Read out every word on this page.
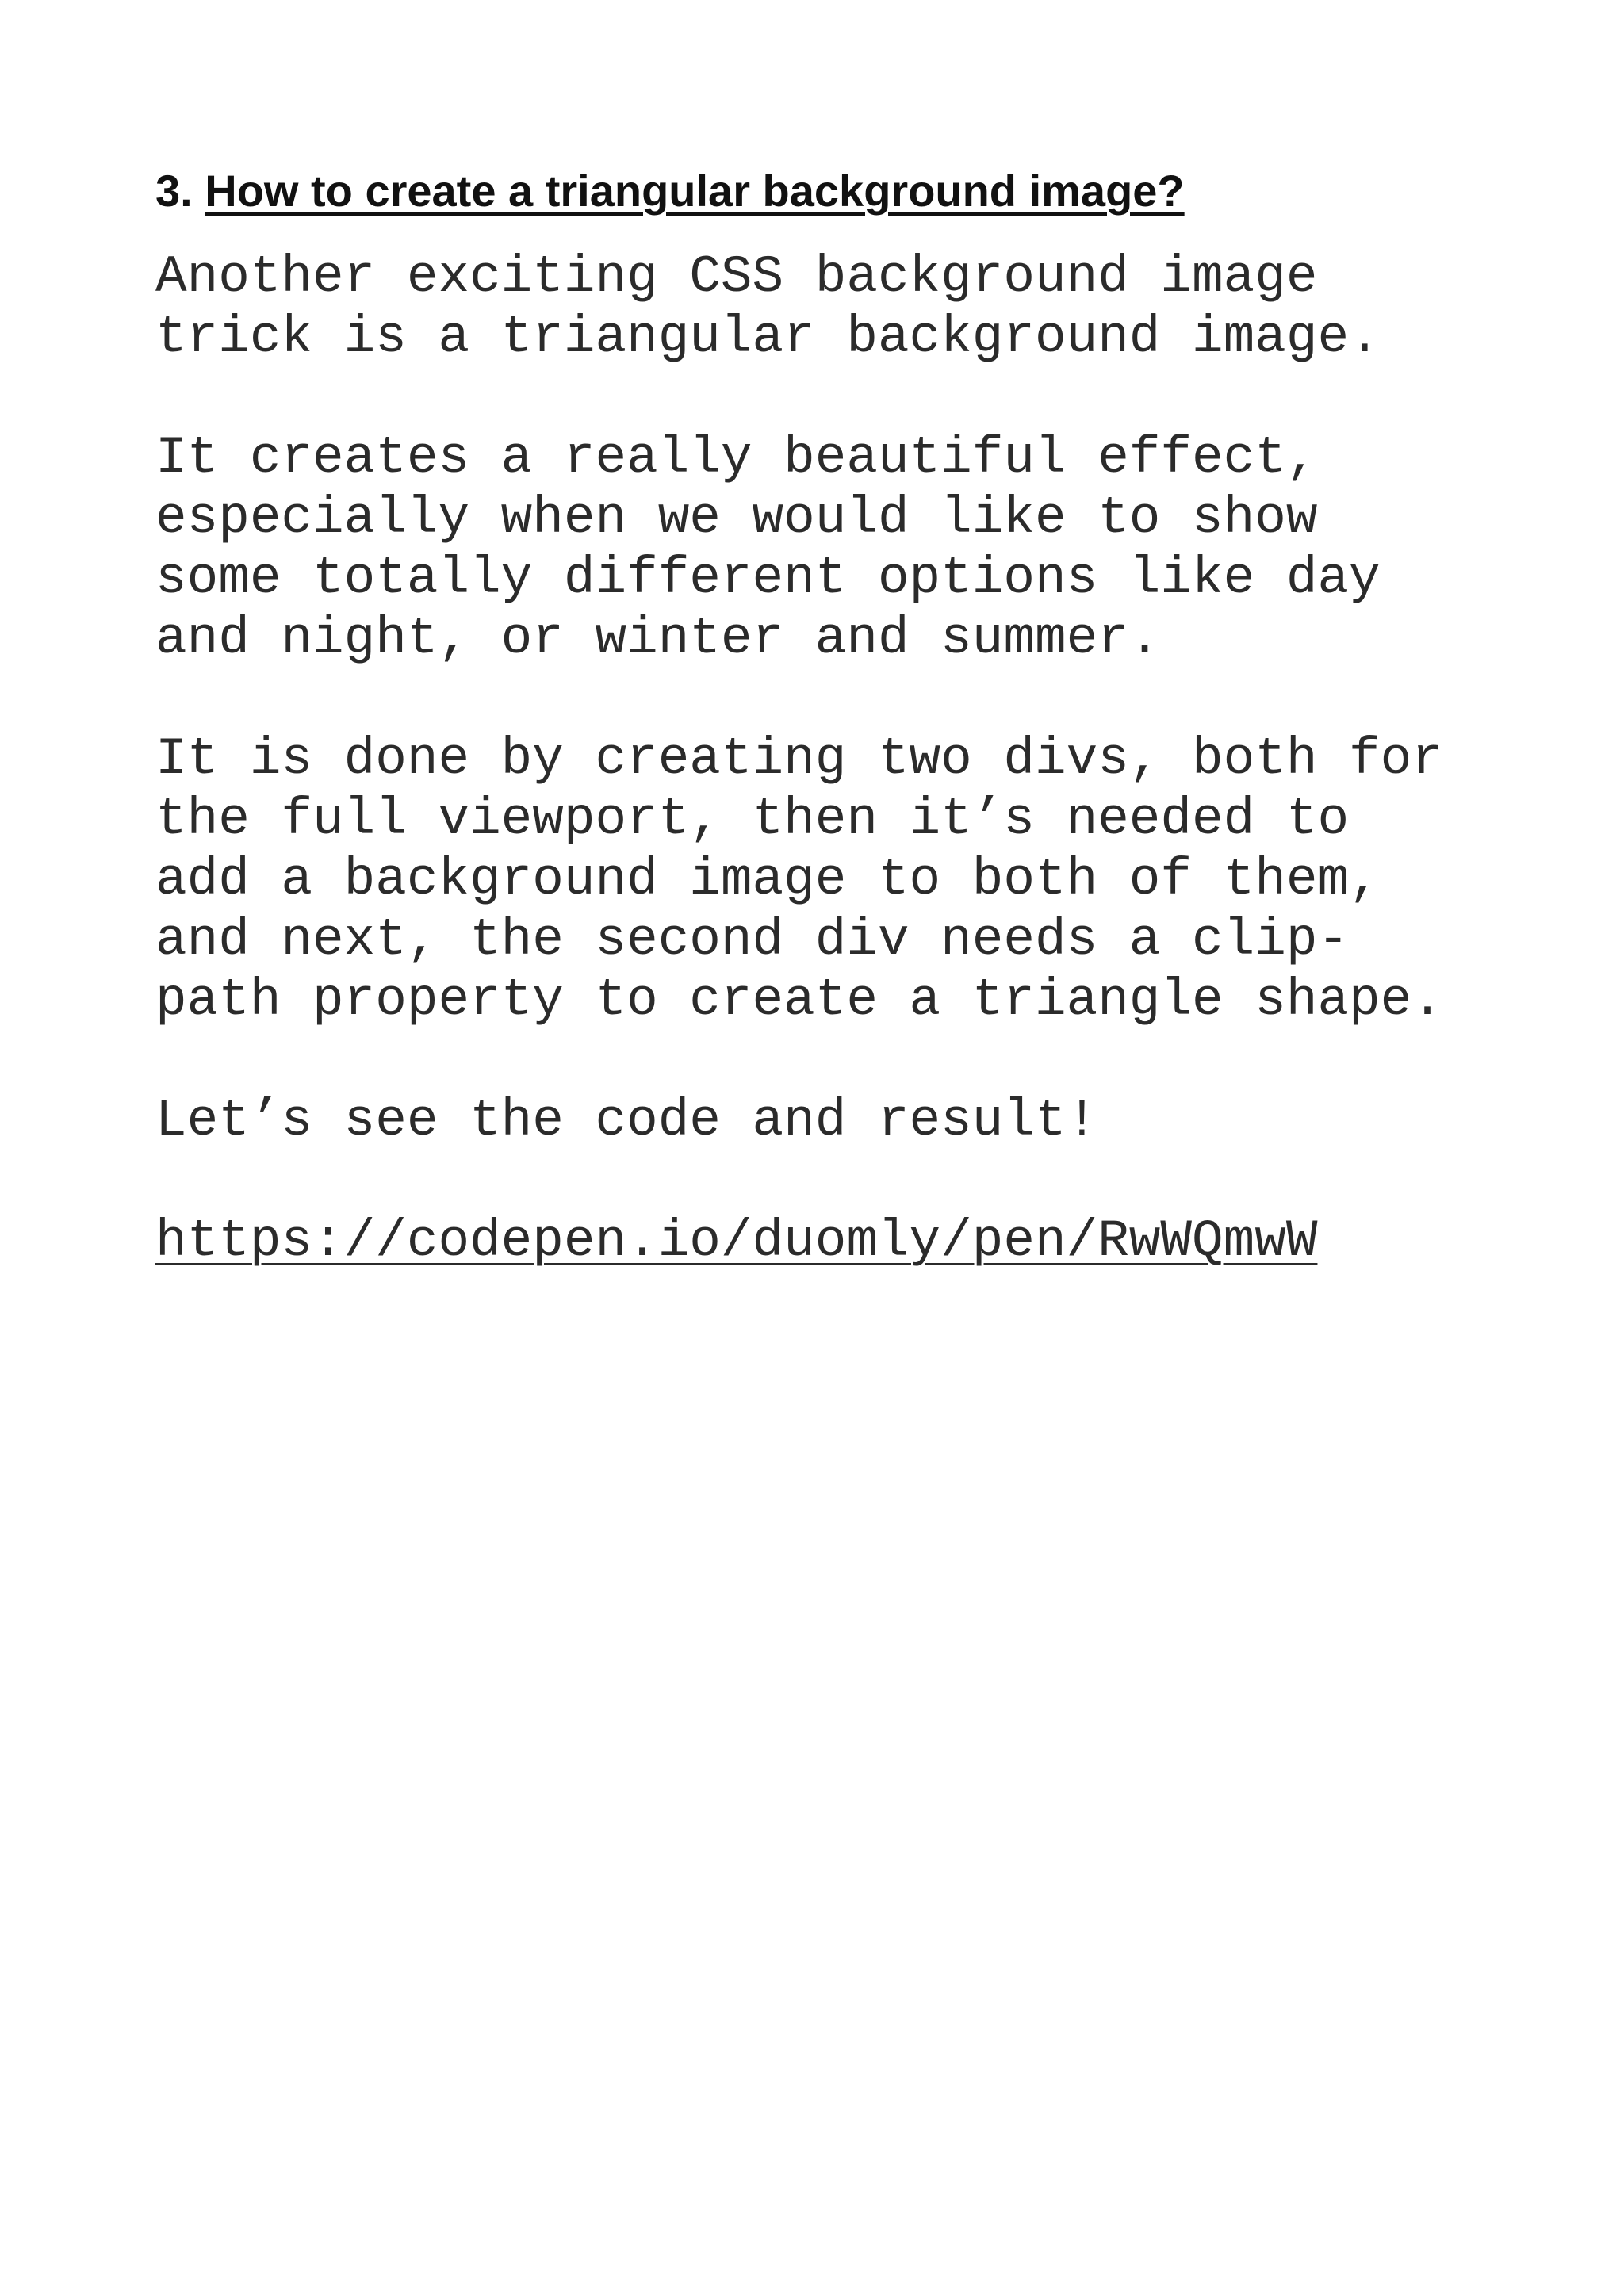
3. How to create a triangular background image?

Another exciting CSS background image
trick is a triangular background image.

It creates a really beautiful effect,
especially when we would like to show
some totally different options like day
and night, or winter and summer.

It is done by creating two divs, both for
the full viewport, then it’s needed to
add a background image to both of them,
and next, the second div needs a clip-
path property to create a triangle shape.

Let’s see the code and result!

https://codepen.io/duomly/pen/RwWQmwW
